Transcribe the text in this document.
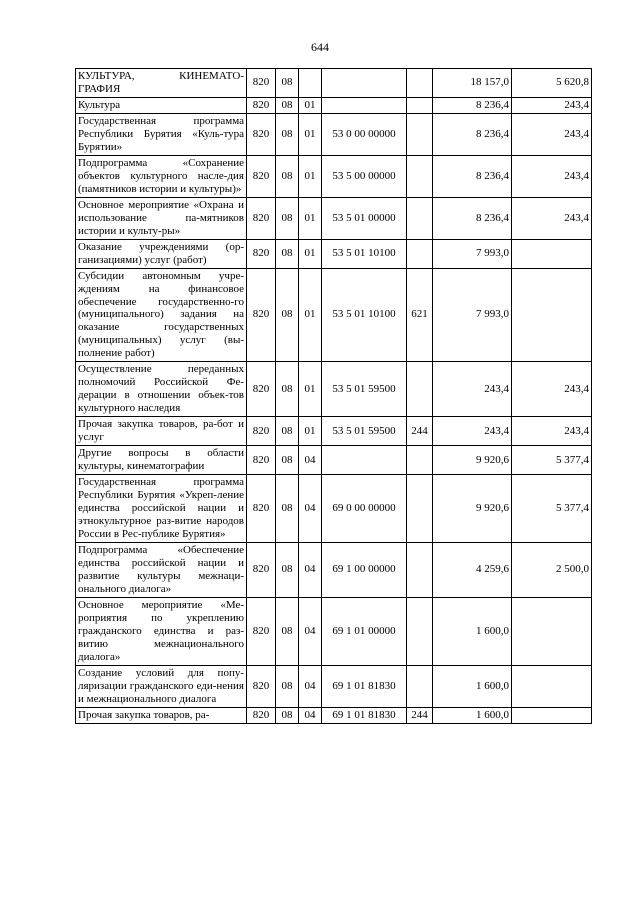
644
КУЛЬТУРА, КИНЕМАТО-ГРАФИЯ	820	08				18 157,0	5 620,8
Культура	820	08	01			8 236,4	243,4
Государственная программа Республики Бурятия «Куль-тура Бурятии»	820	08	01	53 0 00 00000		8 236,4	243,4
Подпрограмма «Сохранение объектов культурного насле-дия (памятников истории и культуры)»	820	08	01	53 5 00 00000		8 236,4	243,4
Основное мероприятие «Охрана и использование па-мятников истории и культу-ры»	820	08	01	53 5 01 00000		8 236,4	243,4
Оказание учреждениями (ор-ганизациями) услуг (работ)	820	08	01	53 5 01 10100		7 993,0	
Субсидии автономным учре-ждениям на финансовое обеспечение государственно-го (муниципального) задания на оказание государственных (муниципальных) услуг (вы-полнение работ)	820	08	01	53 5 01 10100	621	7 993,0	
Осуществление переданных полномочий Российской Фе-дерации в отношении объек-тов культурного наследия	820	08	01	53 5 01 59500		243,4	243,4
Прочая закупка товаров, ра-бот и услуг	820	08	01	53 5 01 59500	244	243,4	243,4
Другие вопросы в области культуры, кинематографии	820	08	04			9 920,6	5 377,4
Государственная программа Республики Бурятия «Укреп-ление единства российской нации и этнокультурное раз-витие народов России в Рес-публике Бурятия»	820	08	04	69 0 00 00000		9 920,6	5 377,4
Подпрограмма «Обеспечение единства российской нации и развитие культуры межнаци-онального диалога»	820	08	04	69 1 00 00000		4 259,6	2 500,0
Основное мероприятие «Ме-роприятия по укреплению гражданского единства и раз-витию межнационального диалога»	820	08	04	69 1 01 00000		1 600,0	
Создание условий для попу-ляризации гражданского еди-нения и межнационального диалога	820	08	04	69 1 01 81830		1 600,0	
Прочая закупка товаров, ра-	820	08	04	69 1 01 81830	244	1 600,0	
